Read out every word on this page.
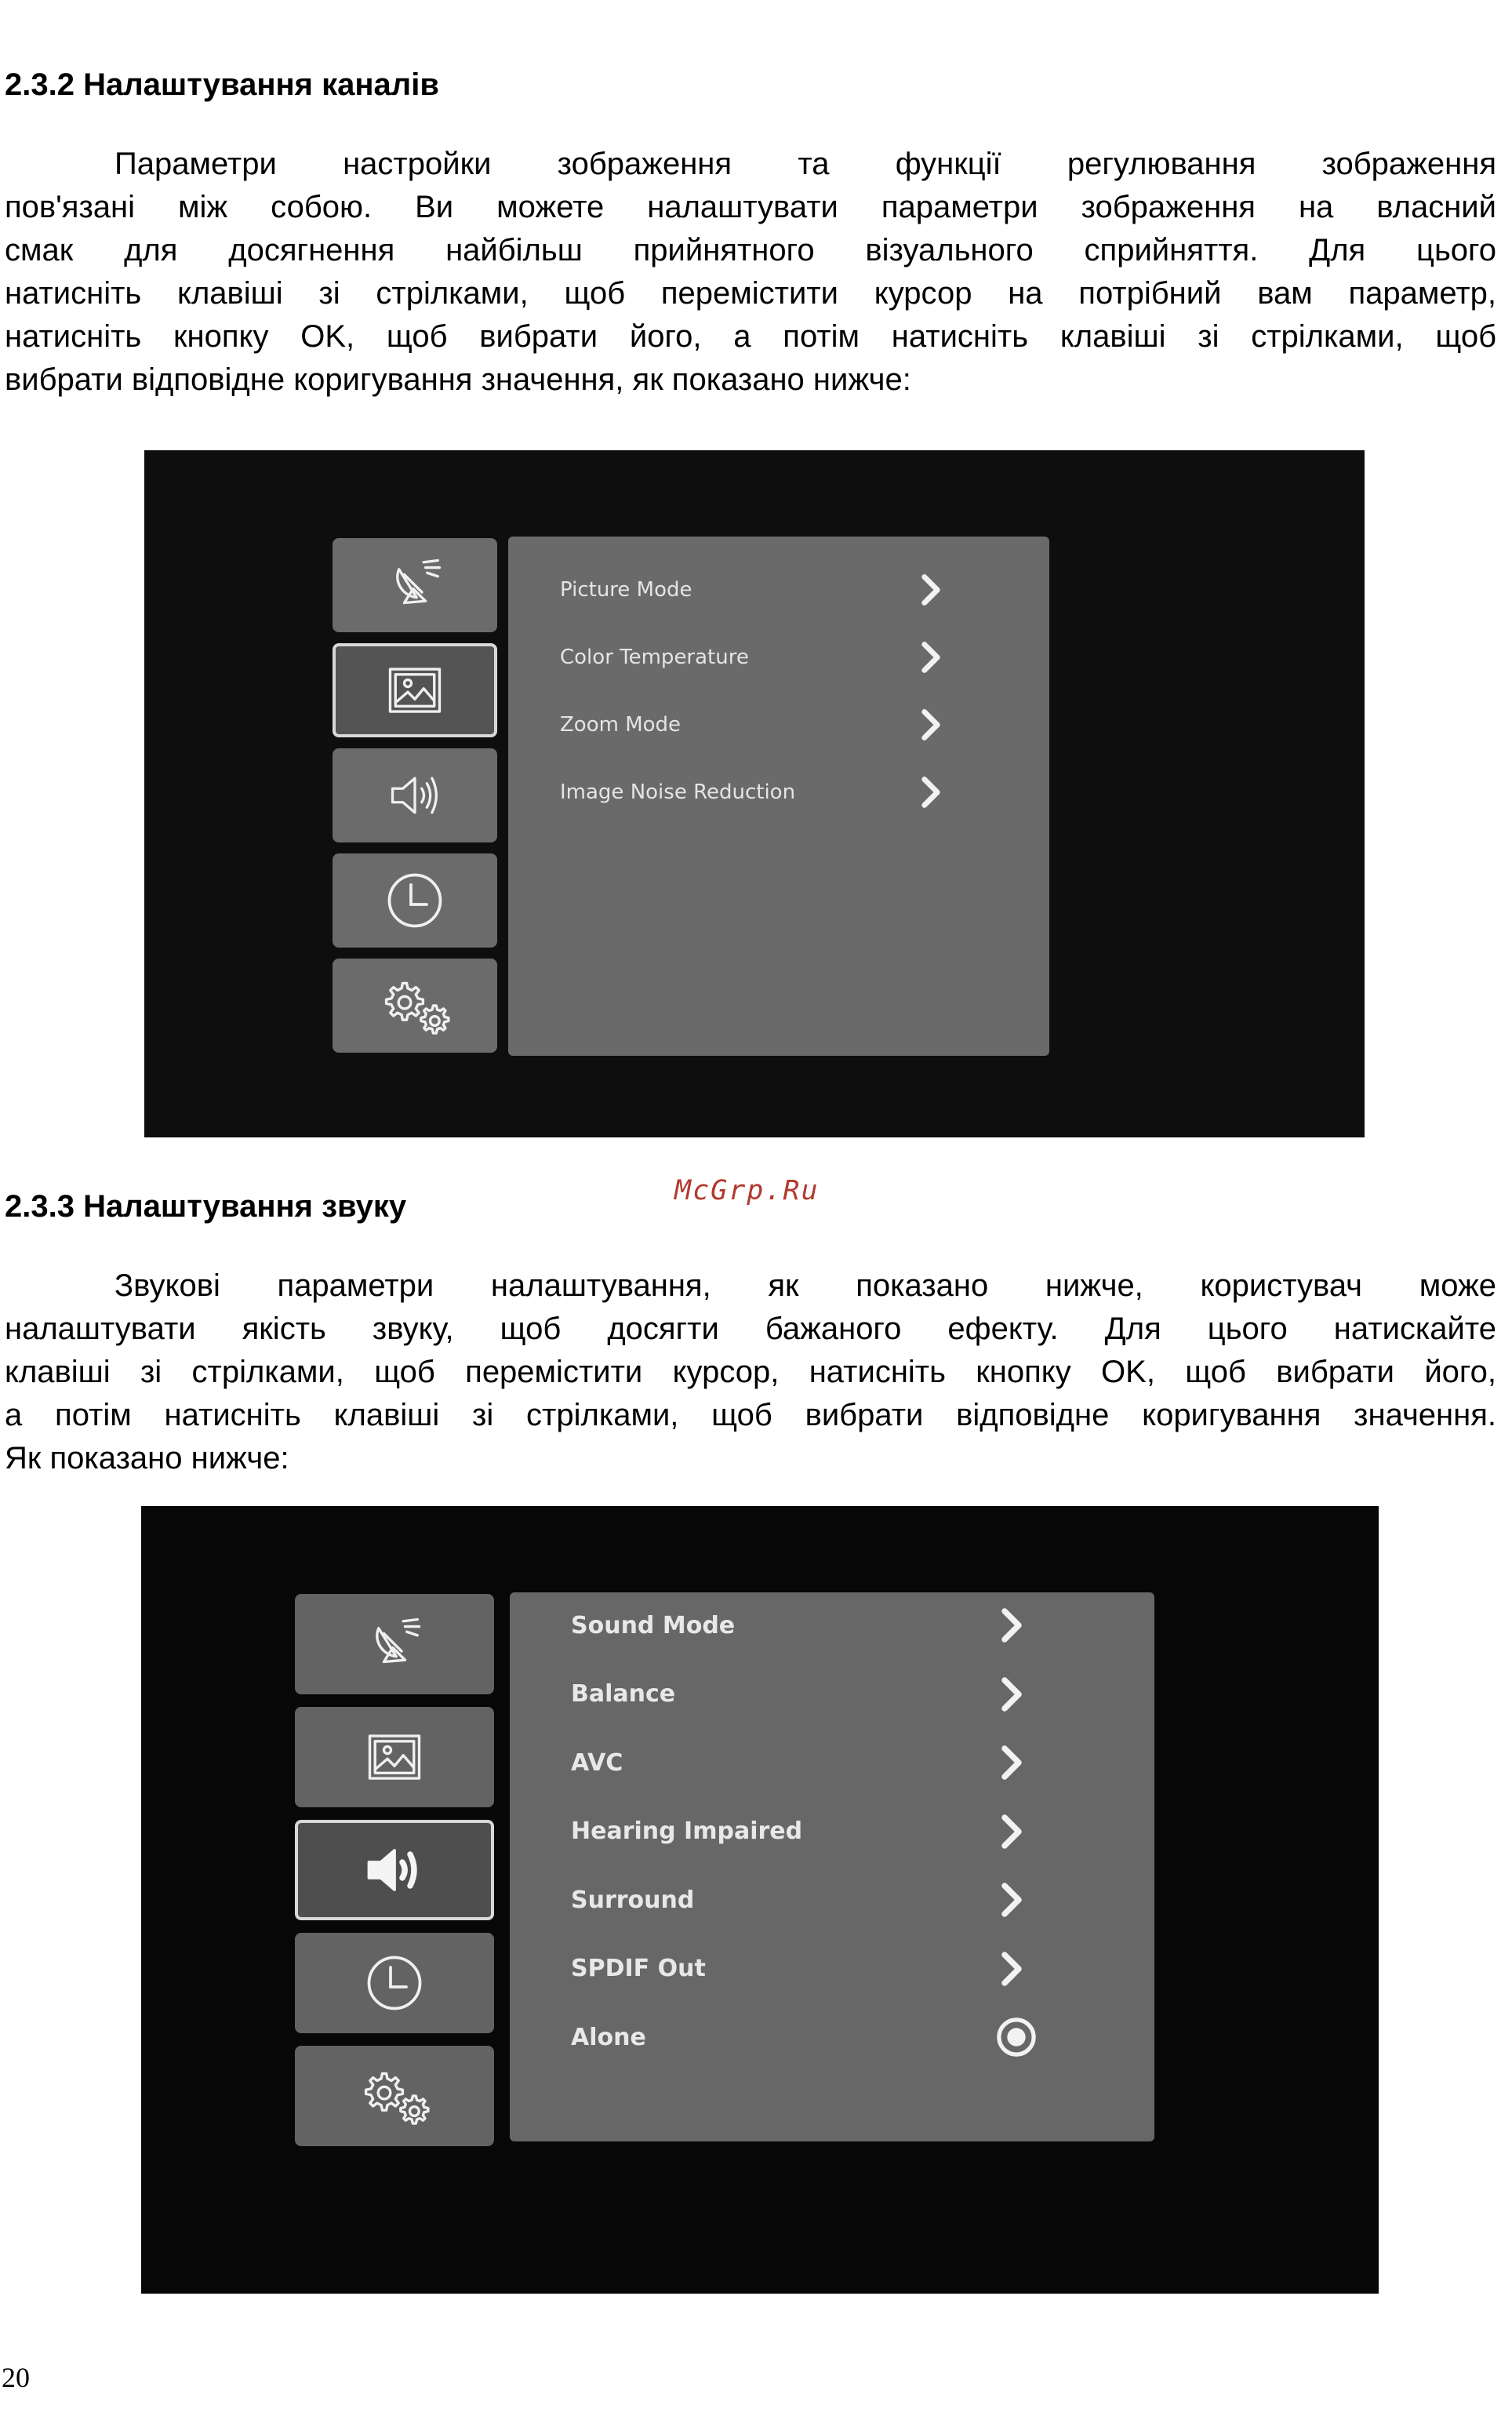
2.3.2 Налаштування каналів
Параметри настройки зображення та функції регулювання зображення
пов'язані між собою. Ви можете налаштувати параметри зображення на власний
смак для досягнення найбільш прийнятного візуального сприйняття. Для цього
натисніть клавіші зі стрілками, щоб перемістити курсор на потрібний вам параметр,
натисніть кнопку OK, щоб вибрати його, а потім натисніть клавіші зі стрілками, щоб
вибрати відповідне коригування значення, як показано нижче:
Picture Mode
Color Temperature
Zoom Mode
Image Noise Reduction
2.3.3 Налаштування звуку	McGrp.Ru
Звукові параметри налаштування, як показано нижче, користувач може
налаштувати якість звуку, щоб досягти бажаного ефекту. Для цього натискайте
клавіші зі стрілками, щоб перемістити курсор, натисніть кнопку OK, щоб вибрати його,
а потім натисніть клавіші зі стрілками, щоб вибрати відповідне коригування значення.
Як показано нижче:
Sound Mode
Balance
AVC
Hearing Impaired
Surround
SPDIF Out
Alone
20
